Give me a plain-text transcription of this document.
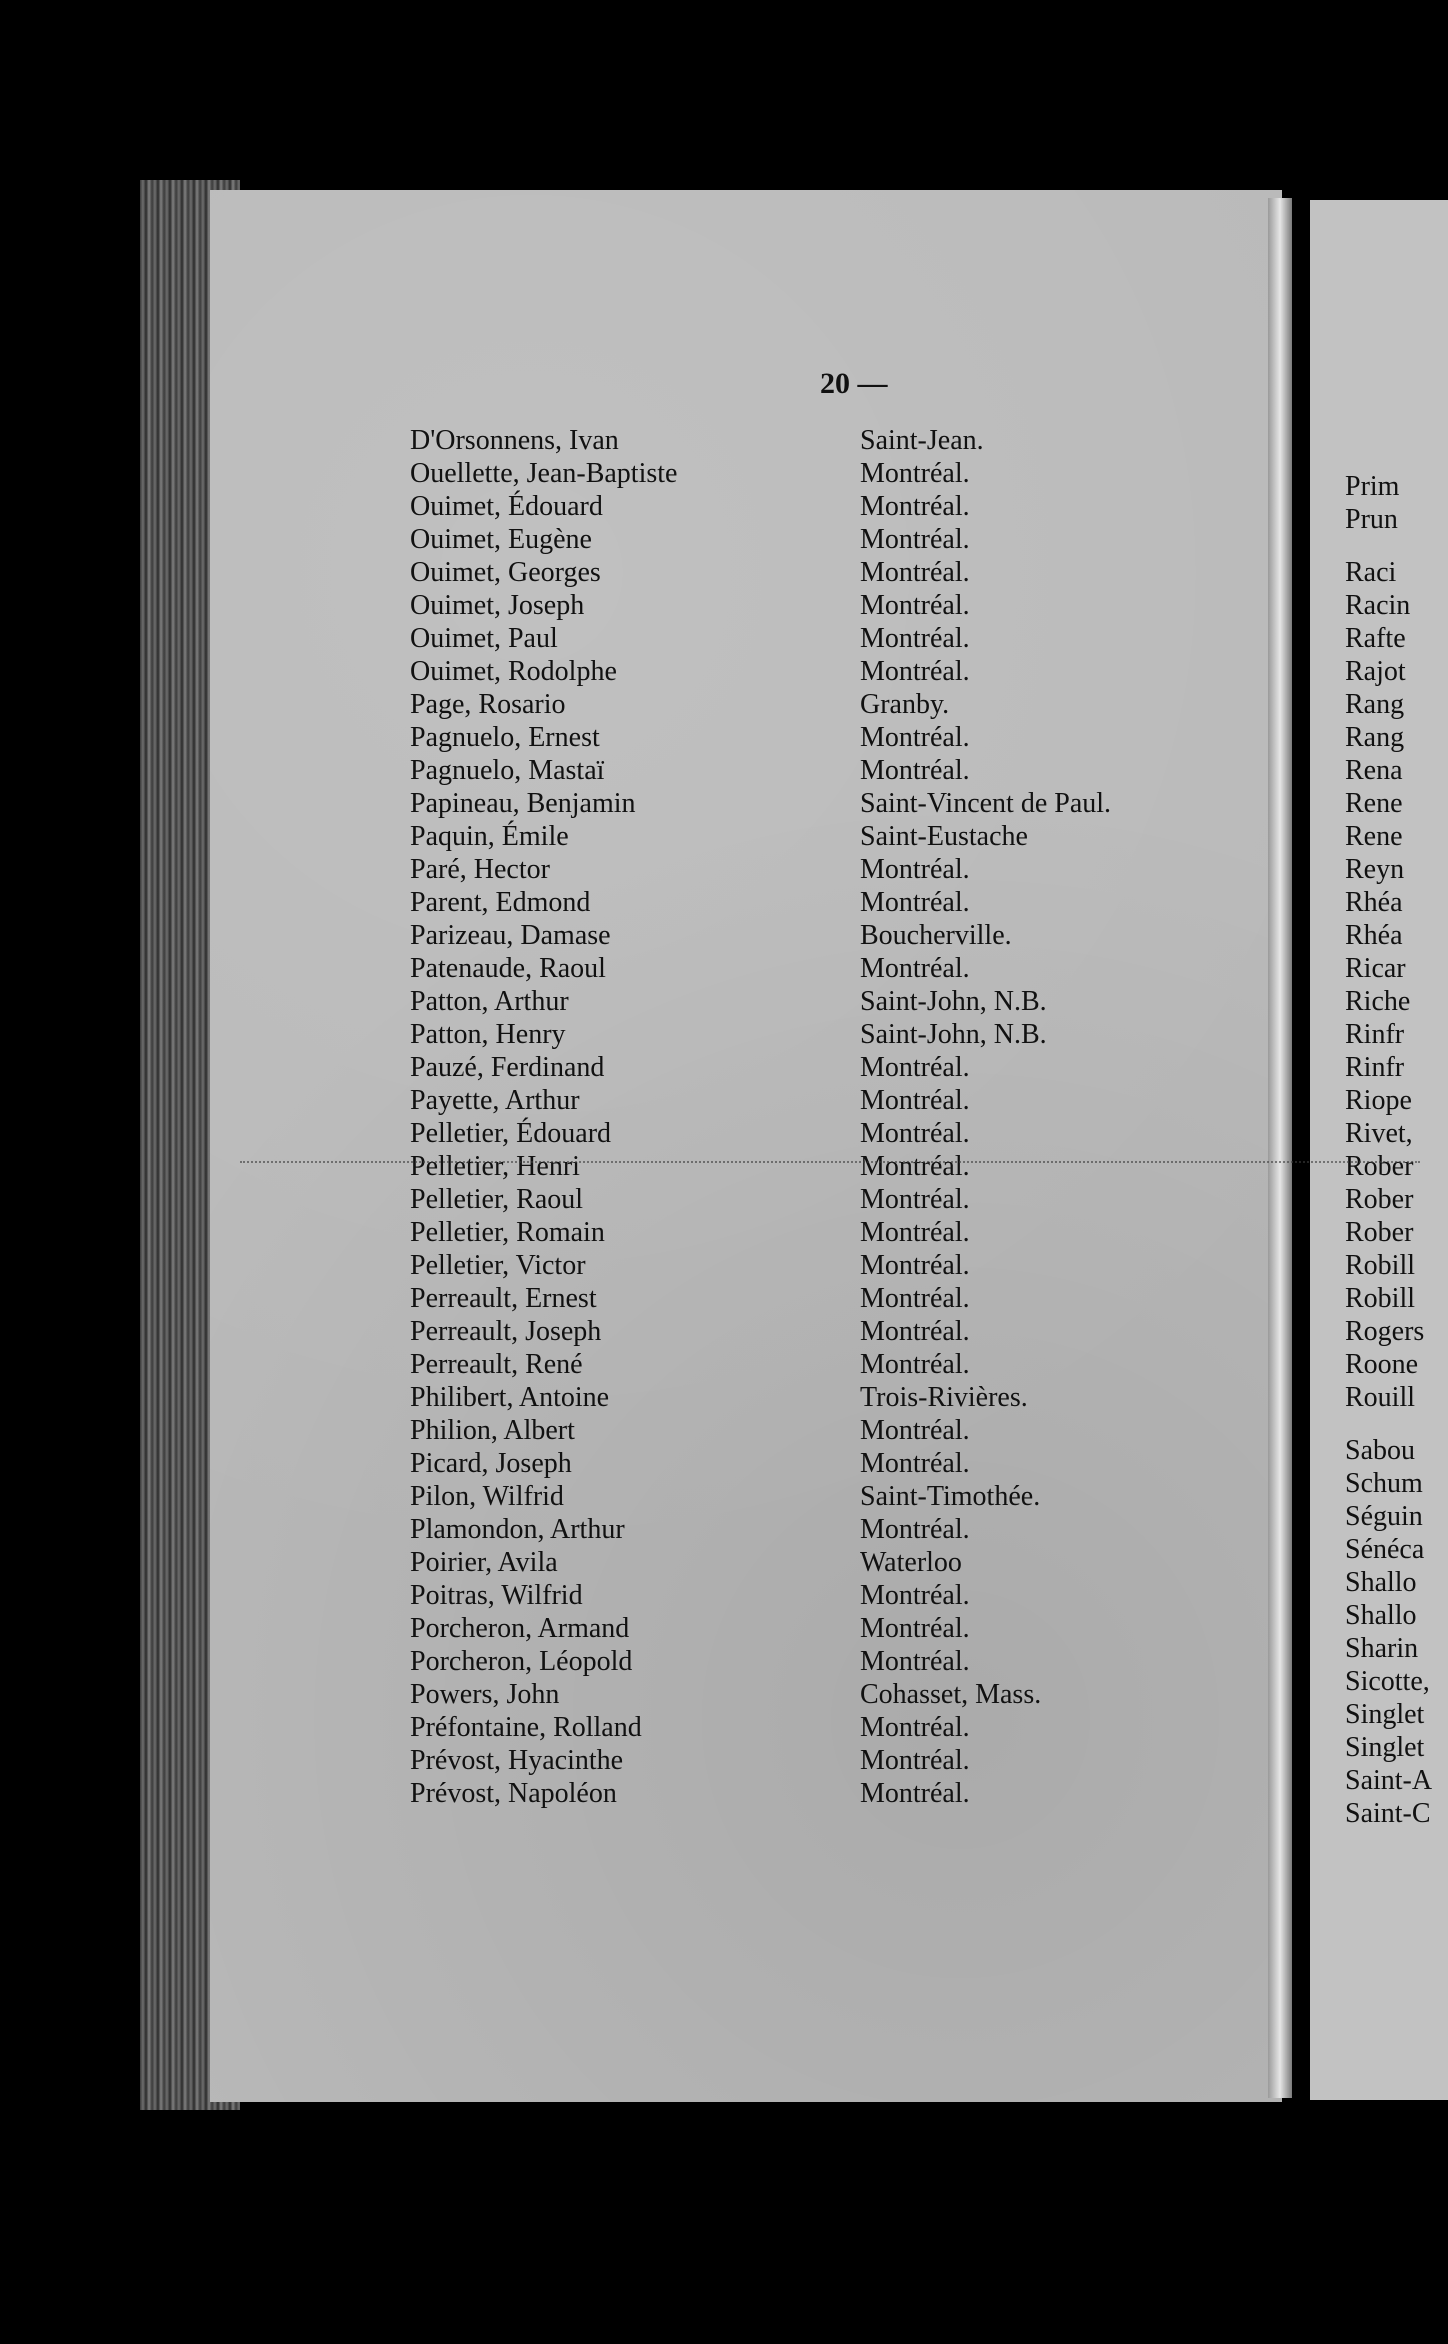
20 —
D'Orsonnens, Ivan	Saint-Jean.
Ouellette, Jean-Baptiste	Montréal.
Ouimet, Édouard	Montréal.
Ouimet, Eugène	Montréal.
Ouimet, Georges	Montréal.
Ouimet, Joseph	Montréal.
Ouimet, Paul	Montréal.
Ouimet, Rodolphe	Montréal.
Page, Rosario	Granby.
Pagnuelo, Ernest	Montréal.
Pagnuelo, Mastaï	Montréal.
Papineau, Benjamin	Saint-Vincent de Paul.
Paquin, Émile	Saint-Eustache
Paré, Hector	Montréal.
Parent, Edmond	Montréal.
Parizeau, Damase	Boucherville.
Patenaude, Raoul	Montréal.
Patton, Arthur	Saint-John, N.B.
Patton, Henry	Saint-John, N.B.
Pauzé, Ferdinand	Montréal.
Payette, Arthur	Montréal.
Pelletier, Édouard	Montréal.
Pelletier, Henri	Montréal.
Pelletier, Raoul	Montréal.
Pelletier, Romain	Montréal.
Pelletier, Victor	Montréal.
Perreault, Ernest	Montréal.
Perreault, Joseph	Montréal.
Perreault, René	Montréal.
Philibert, Antoine	Trois-Rivières.
Philion, Albert	Montréal.
Picard, Joseph	Montréal.
Pilon, Wilfrid	Saint-Timothée.
Plamondon, Arthur	Montréal.
Poirier, Avila	Waterloo
Poitras, Wilfrid	Montréal.
Porcheron, Armand	Montréal.
Porcheron, Léopold	Montréal.
Powers, John	Cohasset, Mass.
Préfontaine, Rolland	Montréal.
Prévost, Hyacinthe	Montréal.
Prévost, Napoléon	Montréal.
Prim
Prun
Raci
Racin
Rafte
Rajot
Rang
Rang
Rena
Rene
Rene
Reyn
Rhéa
Rhéa
Ricar
Riche
Rinfr
Rinfr
Riope
Rivet,
Rober
Rober
Rober
Robill
Robill
Rogers
Roone
Rouill
Sabou
Schum
Séguin
Sénéca
Shallo
Shallo
Sharin
Sicotte,
Singlet
Singlet
Saint-A
Saint-C
